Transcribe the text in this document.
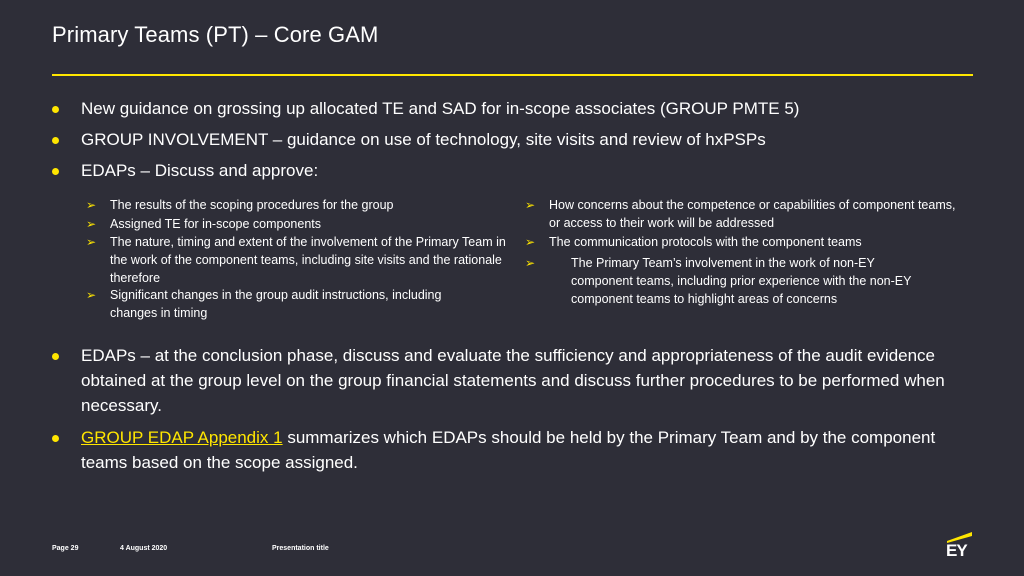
Primary Teams (PT) – Core GAM
New guidance on grossing up allocated TE and SAD for in-scope associates (GROUP PMTE 5)
GROUP INVOLVEMENT – guidance on use of technology, site visits and review of hxPSPs
EDAPs – Discuss and approve:
➢ The results of the scoping procedures for the group
➢ Assigned TE for in-scope components
➢ The nature, timing and extent of the involvement of the Primary Team in the work of the component teams, including site visits and the rationale therefore
➢ Significant changes in the group audit instructions, including changes in timing
➢ How concerns about the competence or capabilities of component teams, or access to their work will be addressed
➢ The communication protocols with the component teams
➢	The Primary Team’s involvement in the work of non-EY component teams, including prior experience with the non-EY component teams to highlight areas of concerns
EDAPs – at the conclusion phase, discuss and evaluate the sufficiency and appropriateness of the audit evidence obtained at the group level on the group financial statements and discuss further procedures to be performed when necessary.
GROUP EDAP Appendix 1 summarizes which EDAPs should be held by the Primary Team and by the component teams based on the scope assigned.
Page 29	4 August 2020	Presentation title	EY
